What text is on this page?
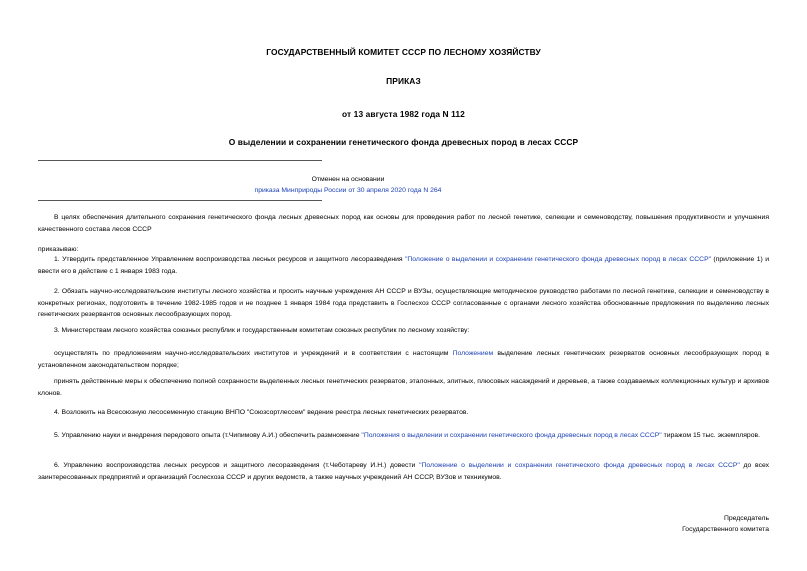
ГОСУДАРСТВЕННЫЙ КОМИТЕТ СССР ПО ЛЕСНОМУ ХОЗЯЙСТВУ
ПРИКАЗ
от 13 августа 1982 года N 112
О выделении и сохранении генетического фонда древесных пород в лесах СССР
Отменен на основании
приказа Минприроды России от 30 апреля 2020 года N 264

В целях обеспечения длительного сохранения генетического фонда лесных древесных пород как основы для проведения работ по лесной генетике, селекции и семеноводству, повышения продуктивности и улучшения качественного состава лесов СССР

приказываю:

1. Утвердить представленное Управлением воспроизводства лесных ресурсов и защитного лесоразведения "Положение о выделении и сохранении генетического фонда древесных пород в лесах СССР" (приложение 1) и ввести его в действие с 1 января 1983 года.

2. Обязать научно-исследовательские институты лесного хозяйства и просить научные учреждения АН СССР и ВУЗы, осуществляющие методическое руководство работами по лесной генетике, селекции и семеноводству в конкретных регионах, подготовить в течение 1982-1985 годов и не позднее 1 января 1984 года представить в Гослесхоз СССР согласованные с органами лесного хозяйства обоснованные предложения по выделению лесных генетических резервантов основных лесообразующих пород.

3. Министерствам лесного хозяйства союзных республик и государственным комитетам союзных республик по лесному хозяйству:

осуществлять по предложениям научно-исследовательских институтов и учреждений и в соответствии с настоящим Положением выделение лесных генетических резерватов основных лесообразующих пород в установленном законодательством порядке;

принять действенные меры к обеспечению полной сохранности выделенных лесных генетических резерватов, эталонных, элитных, плюсовых насаждений и деревьев, а также создаваемых коллекционных культур и архивов клонов.

4. Возложить на Всесоюзную лесосеменную станцию ВНПО "Союзсортлессем" ведение реестра лесных генетических резерватов.

5. Управлению науки и внедрения передового опыта (т.Чипимову А.И.) обеспечить размножение "Положения о выделении и сохранении генетического фонда древесных пород в лесах СССР" тиражом 15 тыс. экземпляров.

6. Управлению воспроизводства лесных ресурсов и защитного лесоразведения (т.Чеботареву И.Н.) довести "Положение о выделении и сохранении генетического фонда древесных пород в лесах СССР" до всех заинтересованных предприятий и организаций Гослесхоза СССР и других ведомств, а также научных учреждений АН СССР, ВУЗов и техникумов.

Председатель
Государственного комитета
